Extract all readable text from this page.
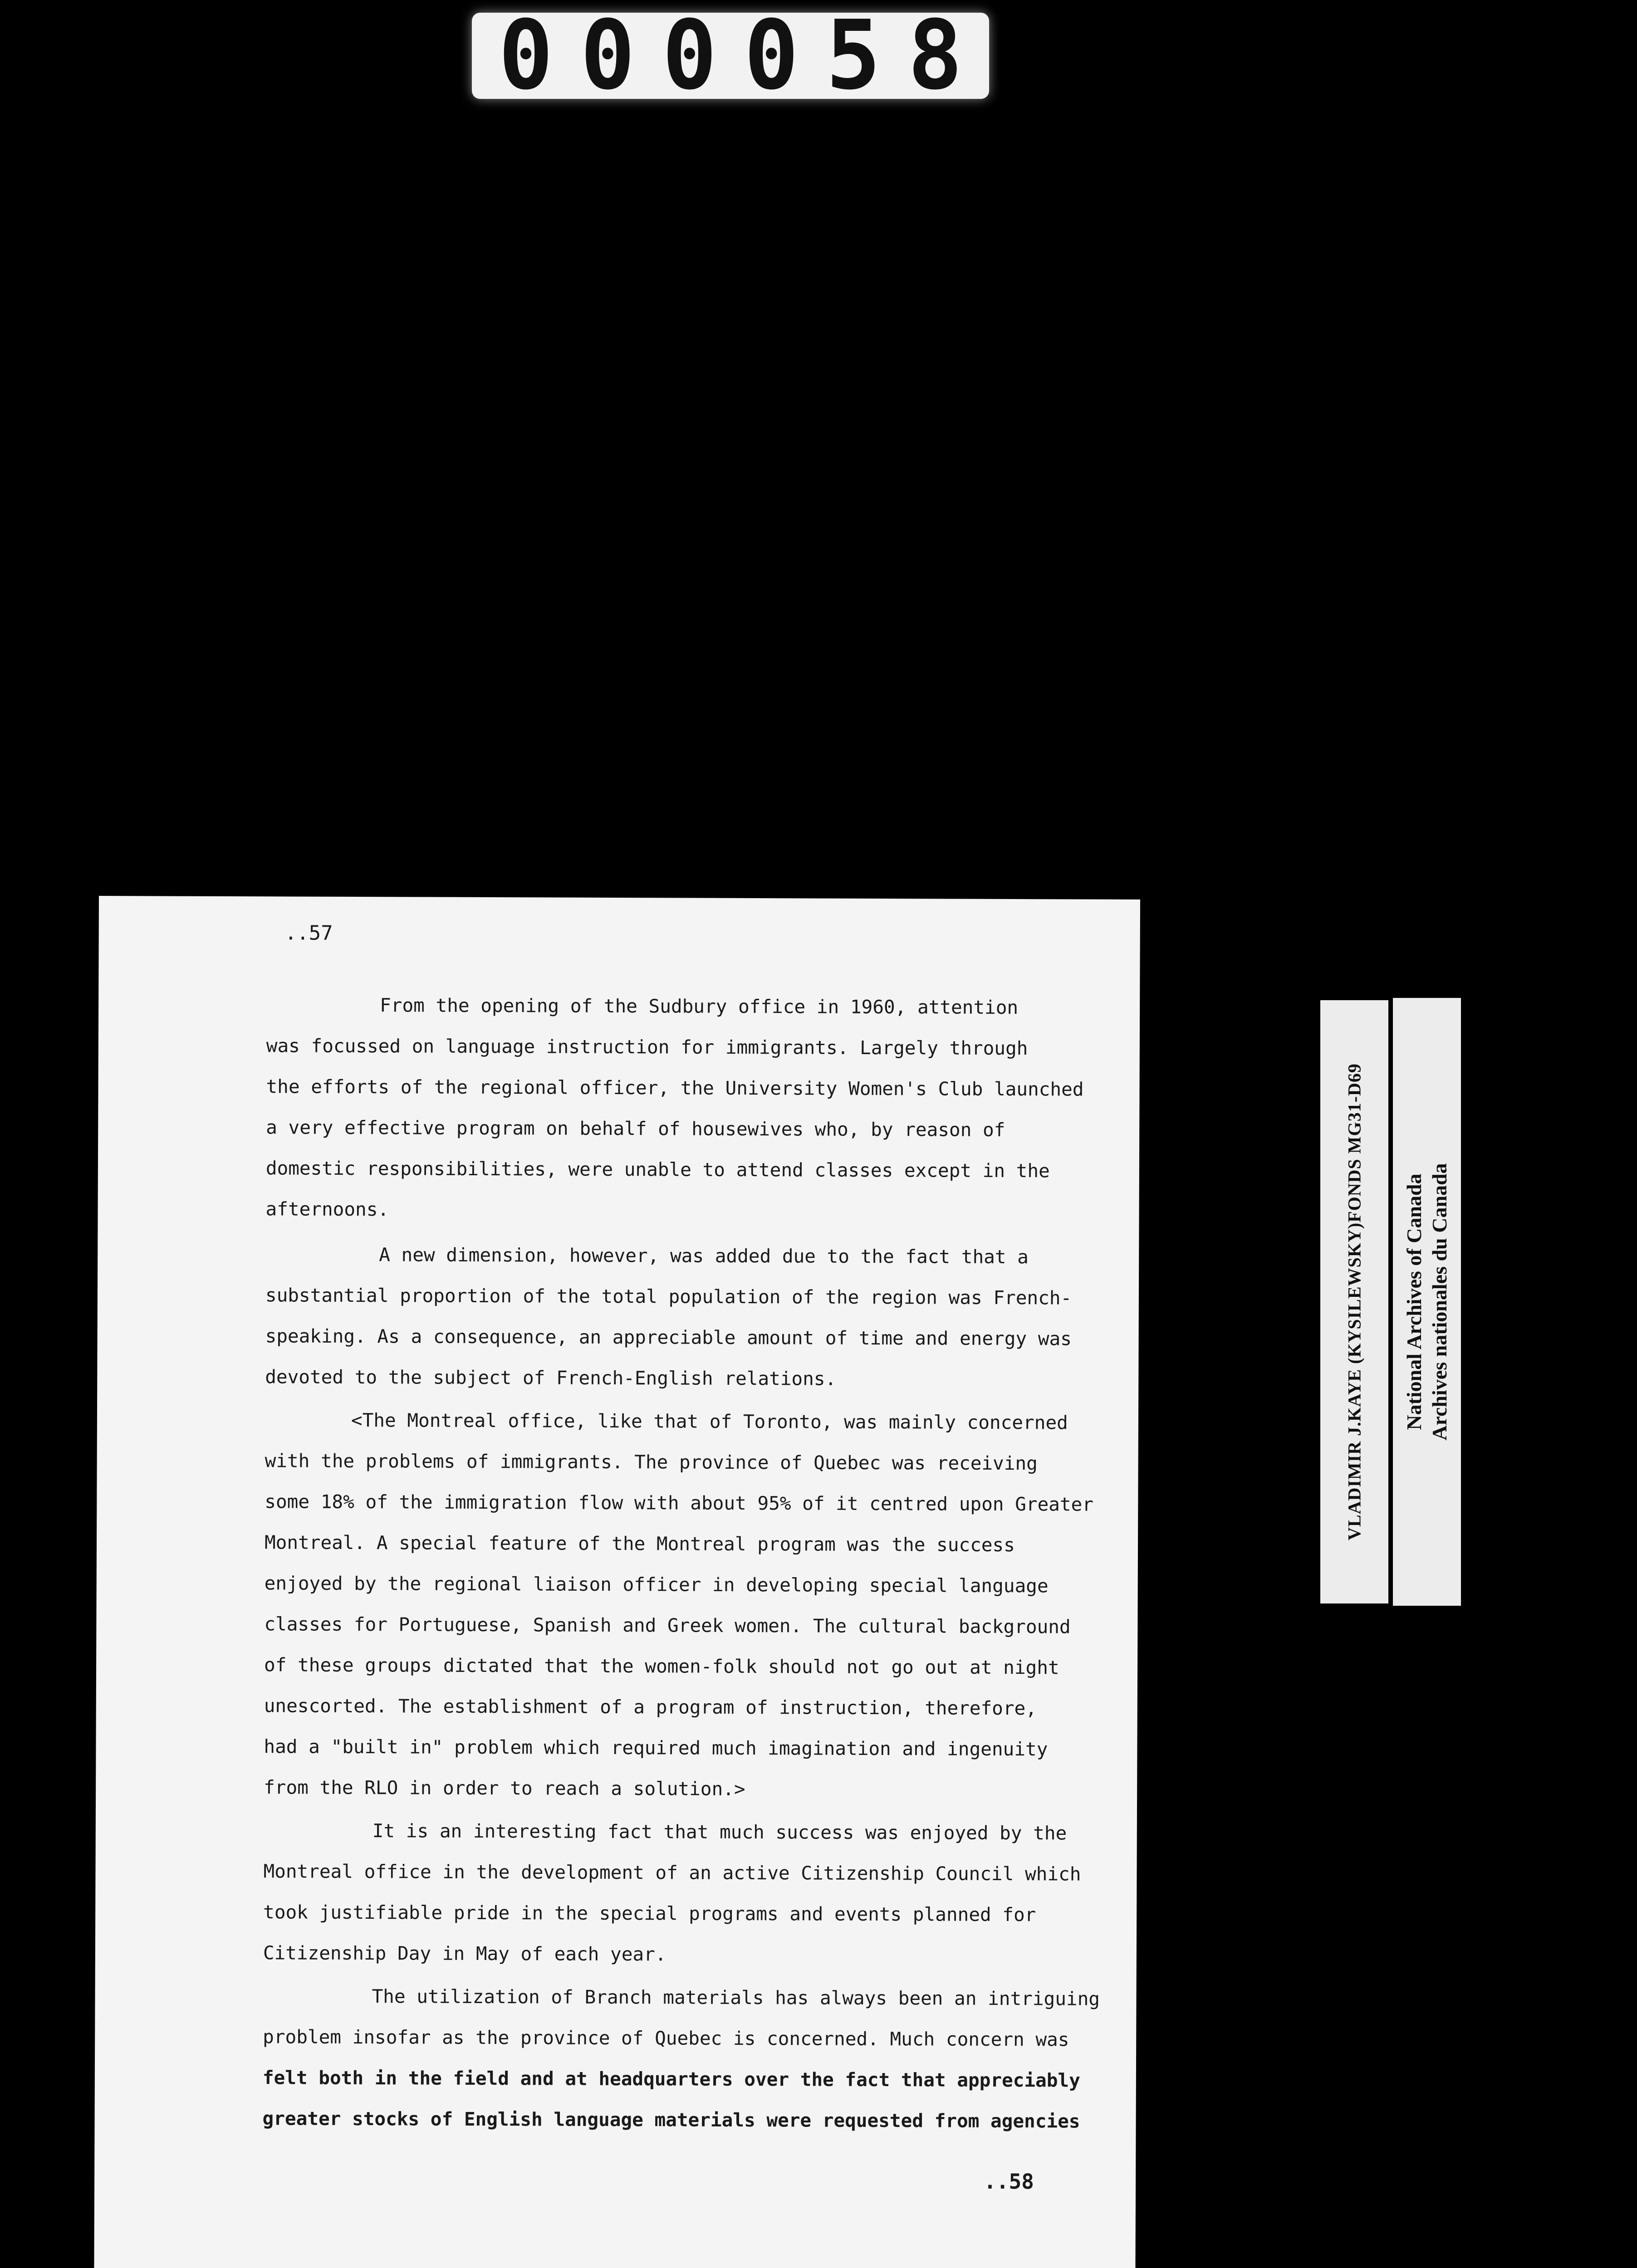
000058
..57
From the opening of the Sudbury office in 1960, attention
was focussed on language instruction for immigrants. Largely through
the efforts of the regional officer, the University Women's Club launched
a very effective program on behalf of housewives who, by reason of
domestic responsibilities, were unable to attend classes except in the
afternoons.
A new dimension, however, was added due to the fact that a
substantial proportion of the total population of the region was French-
speaking. As a consequence, an appreciable amount of time and energy was
devoted to the subject of French-English relations.
<The Montreal office, like that of Toronto, was mainly concerned
with the problems of immigrants. The province of Quebec was receiving
some 18% of the immigration flow with about 95% of it centred upon Greater
Montreal. A special feature of the Montreal program was the success
enjoyed by the regional liaison officer in developing special language
classes for Portuguese, Spanish and Greek women. The cultural background
of these groups dictated that the women-folk should not go out at night
unescorted. The establishment of a program of instruction, therefore,
had a "built in" problem which required much imagination and ingenuity
from the RLO in order to reach a solution.>
It is an interesting fact that much success was enjoyed by the
Montreal office in the development of an active Citizenship Council which
took justifiable pride in the special programs and events planned for
Citizenship Day in May of each year.
The utilization of Branch materials has always been an intriguing
problem insofar as the province of Quebec is concerned. Much concern was
felt both in the field and at headquarters over the fact that appreciably
greater stocks of English language materials were requested from agencies
..58
VLADIMIR J.KAYE (KYSILEWSKY)FONDS MG31-D69 National Archives of Canada Archives nationales du Canada
